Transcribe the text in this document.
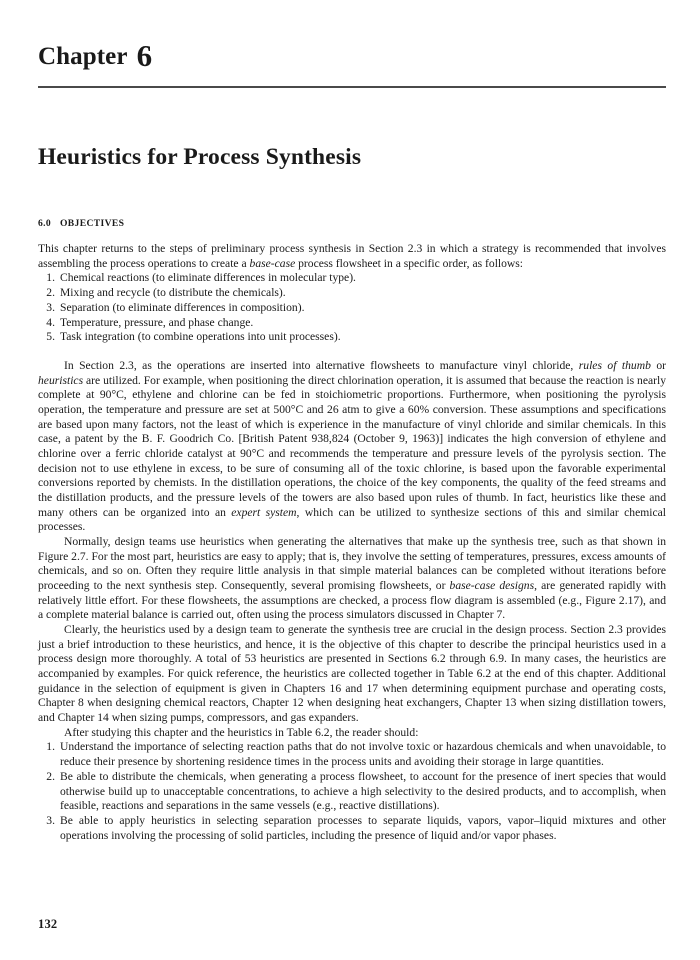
Chapter 6
Heuristics for Process Synthesis
6.0 OBJECTIVES
This chapter returns to the steps of preliminary process synthesis in Section 2.3 in which a strategy is recommended that involves assembling the process operations to create a base-case process flowsheet in a specific order, as follows:
1. Chemical reactions (to eliminate differences in molecular type).
2. Mixing and recycle (to distribute the chemicals).
3. Separation (to eliminate differences in composition).
4. Temperature, pressure, and phase change.
5. Task integration (to combine operations into unit processes).

In Section 2.3, as the operations are inserted into alternative flowsheets to manufacture vinyl chloride, rules of thumb or heuristics are utilized. For example, when positioning the direct chlorination operation, it is assumed that because the reaction is nearly complete at 90°C, ethylene and chlorine can be fed in stoichiometric proportions. Furthermore, when positioning the pyrolysis operation, the temperature and pressure are set at 500°C and 26 atm to give a 60% conversion. These assumptions and specifications are based upon many factors, not the least of which is experience in the manufacture of vinyl chloride and similar chemicals. In this case, a patent by the B. F. Goodrich Co. [British Patent 938,824 (October 9, 1963)] indicates the high conversion of ethylene and chlorine over a ferric chloride catalyst at 90°C and recommends the temperature and pressure levels of the pyrolysis section. The decision not to use ethylene in excess, to be sure of consuming all of the toxic chlorine, is based upon the favorable experimental conversions reported by chemists. In the distillation operations, the choice of the key components, the quality of the feed streams and the distillation products, and the pressure levels of the towers are also based upon rules of thumb. In fact, heuristics like these and many others can be organized into an expert system, which can be utilized to synthesize sections of this and similar chemical processes.

Normally, design teams use heuristics when generating the alternatives that make up the synthesis tree, such as that shown in Figure 2.7. For the most part, heuristics are easy to apply; that is, they involve the setting of temperatures, pressures, excess amounts of chemicals, and so on. Often they require little analysis in that simple material balances can be completed without iterations before proceeding to the next synthesis step. Consequently, several promising flowsheets, or base-case designs, are generated rapidly with relatively little effort. For these flowsheets, the assumptions are checked, a process flow diagram is assembled (e.g., Figure 2.17), and a complete material balance is carried out, often using the process simulators discussed in Chapter 7.

Clearly, the heuristics used by a design team to generate the synthesis tree are crucial in the design process. Section 2.3 provides just a brief introduction to these heuristics, and hence, it is the objective of this chapter to describe the principal heuristics used in a process design more thoroughly. A total of 53 heuristics are presented in Sections 6.2 through 6.9. In many cases, the heuristics are accompanied by examples. For quick reference, the heuristics are collected together in Table 6.2 at the end of this chapter. Additional guidance in the selection of equipment is given in Chapters 16 and 17 when determining equipment purchase and operating costs, Chapter 8 when designing chemical reactors, Chapter 12 when designing heat exchangers, Chapter 13 when sizing distillation towers, and Chapter 14 when sizing pumps, compressors, and gas expanders.

After studying this chapter and the heuristics in Table 6.2, the reader should:

1. Understand the importance of selecting reaction paths that do not involve toxic or hazardous chemicals and when unavoidable, to reduce their presence by shortening residence times in the process units and avoiding their storage in large quantities.
2. Be able to distribute the chemicals, when generating a process flowsheet, to account for the presence of inert species that would otherwise build up to unacceptable concentrations, to achieve a high selectivity to the desired products, and to accomplish, when feasible, reactions and separations in the same vessels (e.g., reactive distillations).
3. Be able to apply heuristics in selecting separation processes to separate liquids, vapors, vapor–liquid mixtures and other operations involving the processing of solid particles, including the presence of liquid and/or vapor phases.
132
